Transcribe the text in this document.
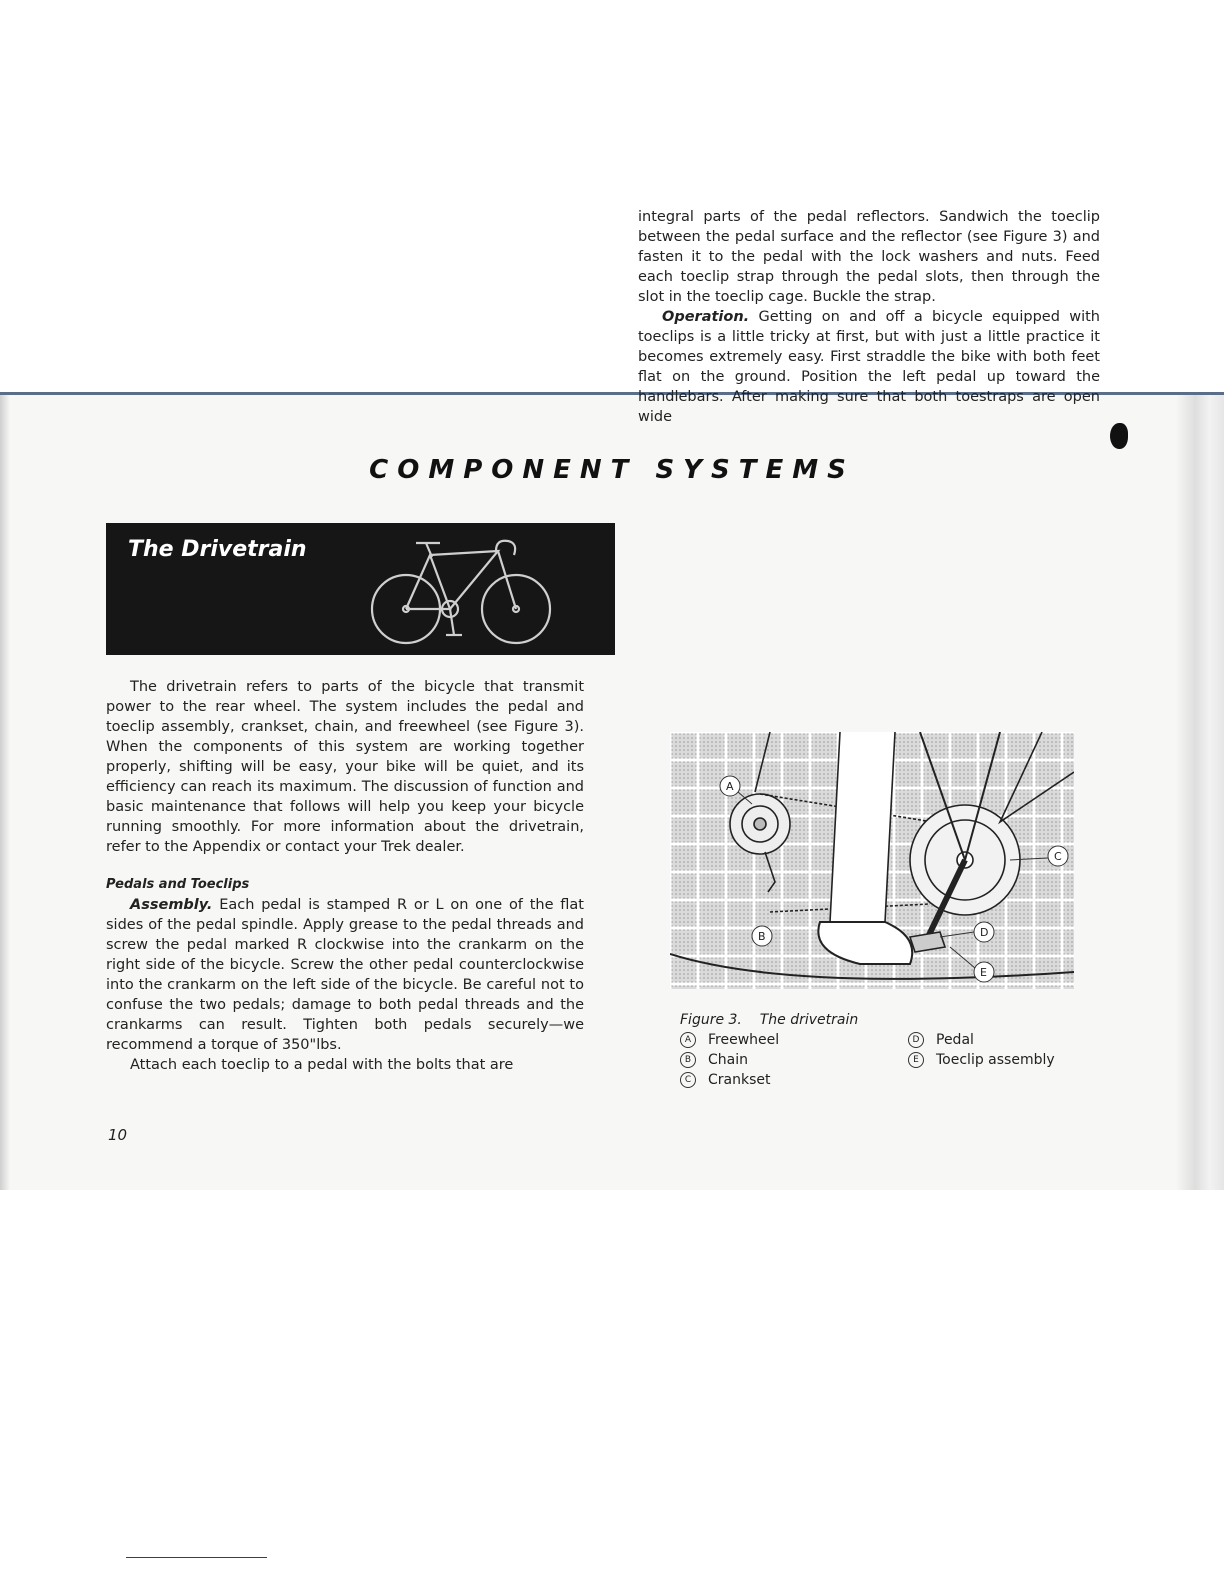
COMPONENT SYSTEMS
The Drivetrain

The drivetrain refers to parts of the bicycle that transmit power to the rear wheel. The system includes the pedal and toeclip assembly, crankset, chain, and freewheel (see Figure 3). When the components of this system are working together properly, shifting will be easy, your bike will be quiet, and its efficiency can reach its maximum. The discussion of function and basic maintenance that follows will help you keep your bicycle running smoothly. For more information about the drivetrain, refer to the Appendix or contact your Trek dealer.

Pedals and Toeclips

Assembly. Each pedal is stamped R or L on one of the flat sides of the pedal spindle. Apply grease to the pedal threads and screw the pedal marked R clockwise into the crankarm on the right side of the bicycle. Screw the other pedal counterclockwise into the crankarm on the left side of the bicycle. Be careful not to confuse the two pedals; damage to both pedal threads and the crankarms can result. Tighten both pedals securely—we recommend a torque of 350"lbs.

Attach each toeclip to a pedal with the bolts that are

integral parts of the pedal reflectors. Sandwich the toeclip between the pedal surface and the reflector (see Figure 3) and fasten it to the pedal with the lock washers and nuts. Feed each toeclip strap through the pedal slots, then through the slot in the toeclip cage. Buckle the strap.

Operation. Getting on and off a bicycle equipped with toeclips is a little tricky at first, but with just a little practice it becomes extremely easy. First straddle the bike with both feet flat on the ground. Position the left pedal up toward the handlebars. After making sure that both toestraps are open wide

A
B
C
D
E
Figure 3. The drivetrain
A Freewheel
B Chain
C Crankset
D Pedal
E Toeclip assembly
10
